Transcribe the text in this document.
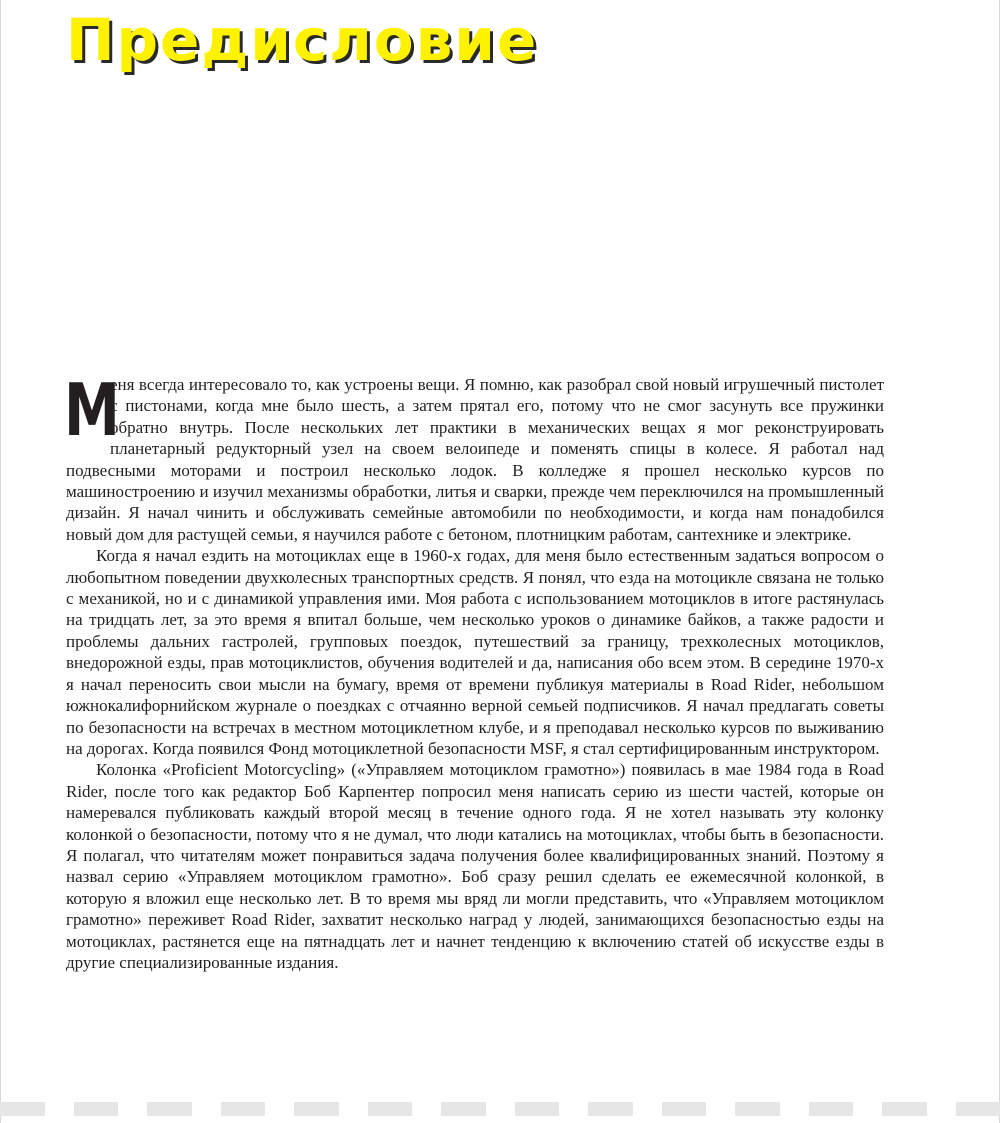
Предисловие

М
еня всегда интересовало то, как устроены вещи. Я помню, как разобрал свой новый игрушечный пистолет с пистонами, когда мне было шесть, а затем прятал его, потому что не смог засунуть все пружинки обратно внутрь. После нескольких лет практики в механических вещах я мог реконструировать планетарный редукторный узел на своем велоипеде и поменять спицы в колесе. Я работал над подвесными моторами и построил несколько лодок. В колледже я прошел несколько курсов по машиностроению и изучил механизмы обработки, литья и сварки, прежде чем переключился на промышленный дизайн. Я начал чинить и обслуживать семейные автомобили по необходимости, и когда нам понадобился новый дом для растущей семьи, я научился работе с бетоном, плотницким работам, сантехнике и электрике.

Когда я начал ездить на мотоциклах еще в 1960-х годах, для меня было естественным задаться вопросом о любопытном поведении двухколесных транспортных средств. Я понял, что езда на мотоцикле связана не только с механикой, но и с динамикой управления ими. Моя работа с использованием мотоциклов в итоге растянулась на тридцать лет, за это время я впитал больше, чем несколько уроков о динамике байков, а также радости и проблемы дальних гастролей, групповых поездок, путешествий за границу, трехколесных мотоциклов, внедорожной езды, прав мотоциклистов, обучения водителей и да, написания обо всем этом. В середине 1970-х я начал переносить свои мысли на бумагу, время от времени публикуя материалы в Road Rider, небольшом южнокалифорнийском журнале о поездках с отчаянно верной семьей подписчиков. Я начал предлагать советы по безопасности на встречах в местном мотоциклетном клубе, и я преподавал несколько курсов по выживанию на дорогах. Когда появился Фонд мотоциклетной безопасности MSF, я стал сертифицированным инструктором.

Колонка «Proficient Motorcycling» («Управляем мотоциклом грамотно») появилась в мае 1984 года в Road Rider, после того как редактор Боб Карпентер попросил меня написать серию из шести частей, которые он намеревался публиковать каждый второй месяц в течение одного года. Я не хотел называть эту колонку колонкой о безопасности, потому что я не думал, что люди катались на мотоциклах, чтобы быть в безопасности. Я полагал, что читателям может понравиться задача получения более квалифицированных знаний. Поэтому я назвал серию «Управляем мотоциклом грамотно». Боб сразу решил сделать ее ежемесячной колонкой, в которую я вложил еще несколько лет. В то время мы вряд ли могли представить, что «Управляем мотоциклом грамотно» переживет Road Rider, захватит несколько наград у людей, занимающихся безопасностью езды на мотоциклах, растянется еще на пятнадцать лет и начнет тенденцию к включению статей об искусстве езды в другие специализированные издания.
